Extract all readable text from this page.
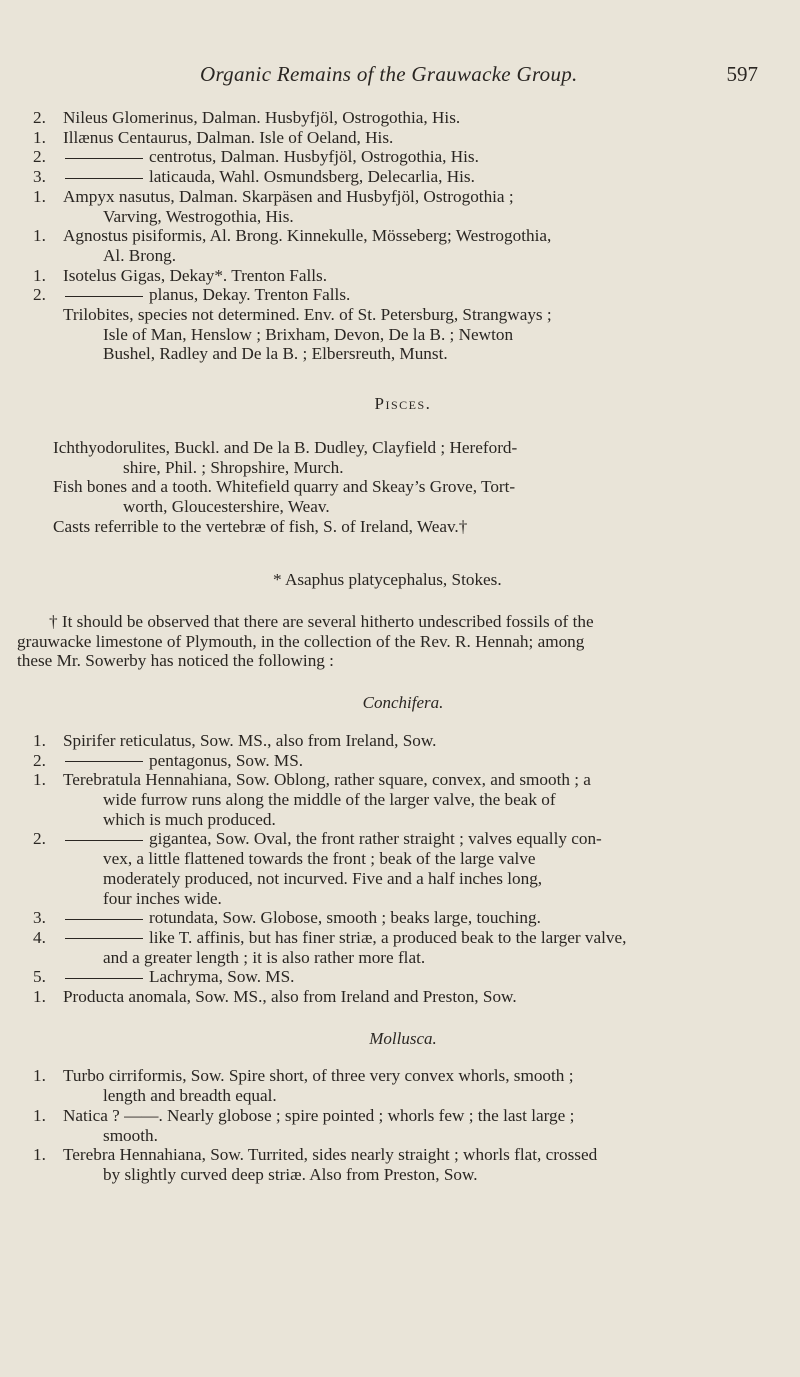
Organic Remains of the Grauwacke Group.	597
2. Nileus Glomerinus, Dalman. Husbyfjöl, Ostrogothia, His.
1. Illænus Centaurus, Dalman. Isle of Oeland, His.
2.	centrotus, Dalman. Husbyfjöl, Ostrogothia, His.
3.	laticauda, Wahl. Osmundsberg, Delecarlia, His.
1. Ampyx nasutus, Dalman. Skarpäsen and Husbyfjöl, Ostrogothia ;
Varving, Westrogothia, His.
1. Agnostus pisiformis, Al. Brong. Kinnekulle, Mösseberg; Westrogothia,
Al. Brong.
1. Isotelus Gigas, Dekay*. Trenton Falls.
2.	planus, Dekay. Trenton Falls.
Trilobites, species not determined. Env. of St. Petersburg, Strangways ;
Isle of Man, Henslow ; Brixham, Devon, De la B. ; Newton
Bushel, Radley and De la B. ; Elbersreuth, Munst.
Pisces.
Ichthyodorulites, Buckl. and De la B. Dudley, Clayfield ; Hereford-
shire, Phil. ; Shropshire, Murch.
Fish bones and a tooth. Whitefield quarry and Skeay’s Grove, Tort-
worth, Gloucestershire, Weav.
Casts referrible to the vertebræ of fish, S. of Ireland, Weav.†
* Asaphus platycephalus, Stokes.
† It should be observed that there are several hitherto undescribed fossils of the
grauwacke limestone of Plymouth, in the collection of the Rev. R. Hennah; among
these Mr. Sowerby has noticed the following :
Conchifera.
1. Spirifer reticulatus, Sow. MS., also from Ireland, Sow.
2.	pentagonus, Sow. MS.
1. Terebratula Hennahiana, Sow. Oblong, rather square, convex, and smooth ; a
wide furrow runs along the middle of the larger valve, the beak of
which is much produced.
2.	gigantea, Sow. Oval, the front rather straight ; valves equally con-
vex, a little flattened towards the front ; beak of the large valve
moderately produced, not incurved. Five and a half inches long,
four inches wide.
3.	rotundata, Sow. Globose, smooth ; beaks large, touching.
4.	like T. affinis, but has finer striæ, a produced beak to the larger valve,
and a greater length ; it is also rather more flat.
5.	Lachryma, Sow. MS.
1. Producta anomala, Sow. MS., also from Ireland and Preston, Sow.
Mollusca.
1. Turbo cirriformis, Sow. Spire short, of three very convex whorls, smooth ;
length and breadth equal.
1. Natica ? ——. Nearly globose ; spire pointed ; whorls few ; the last large ;
smooth.
1. Terebra Hennahiana, Sow. Turrited, sides nearly straight ; whorls flat, crossed
by slightly curved deep striæ. Also from Preston, Sow.
